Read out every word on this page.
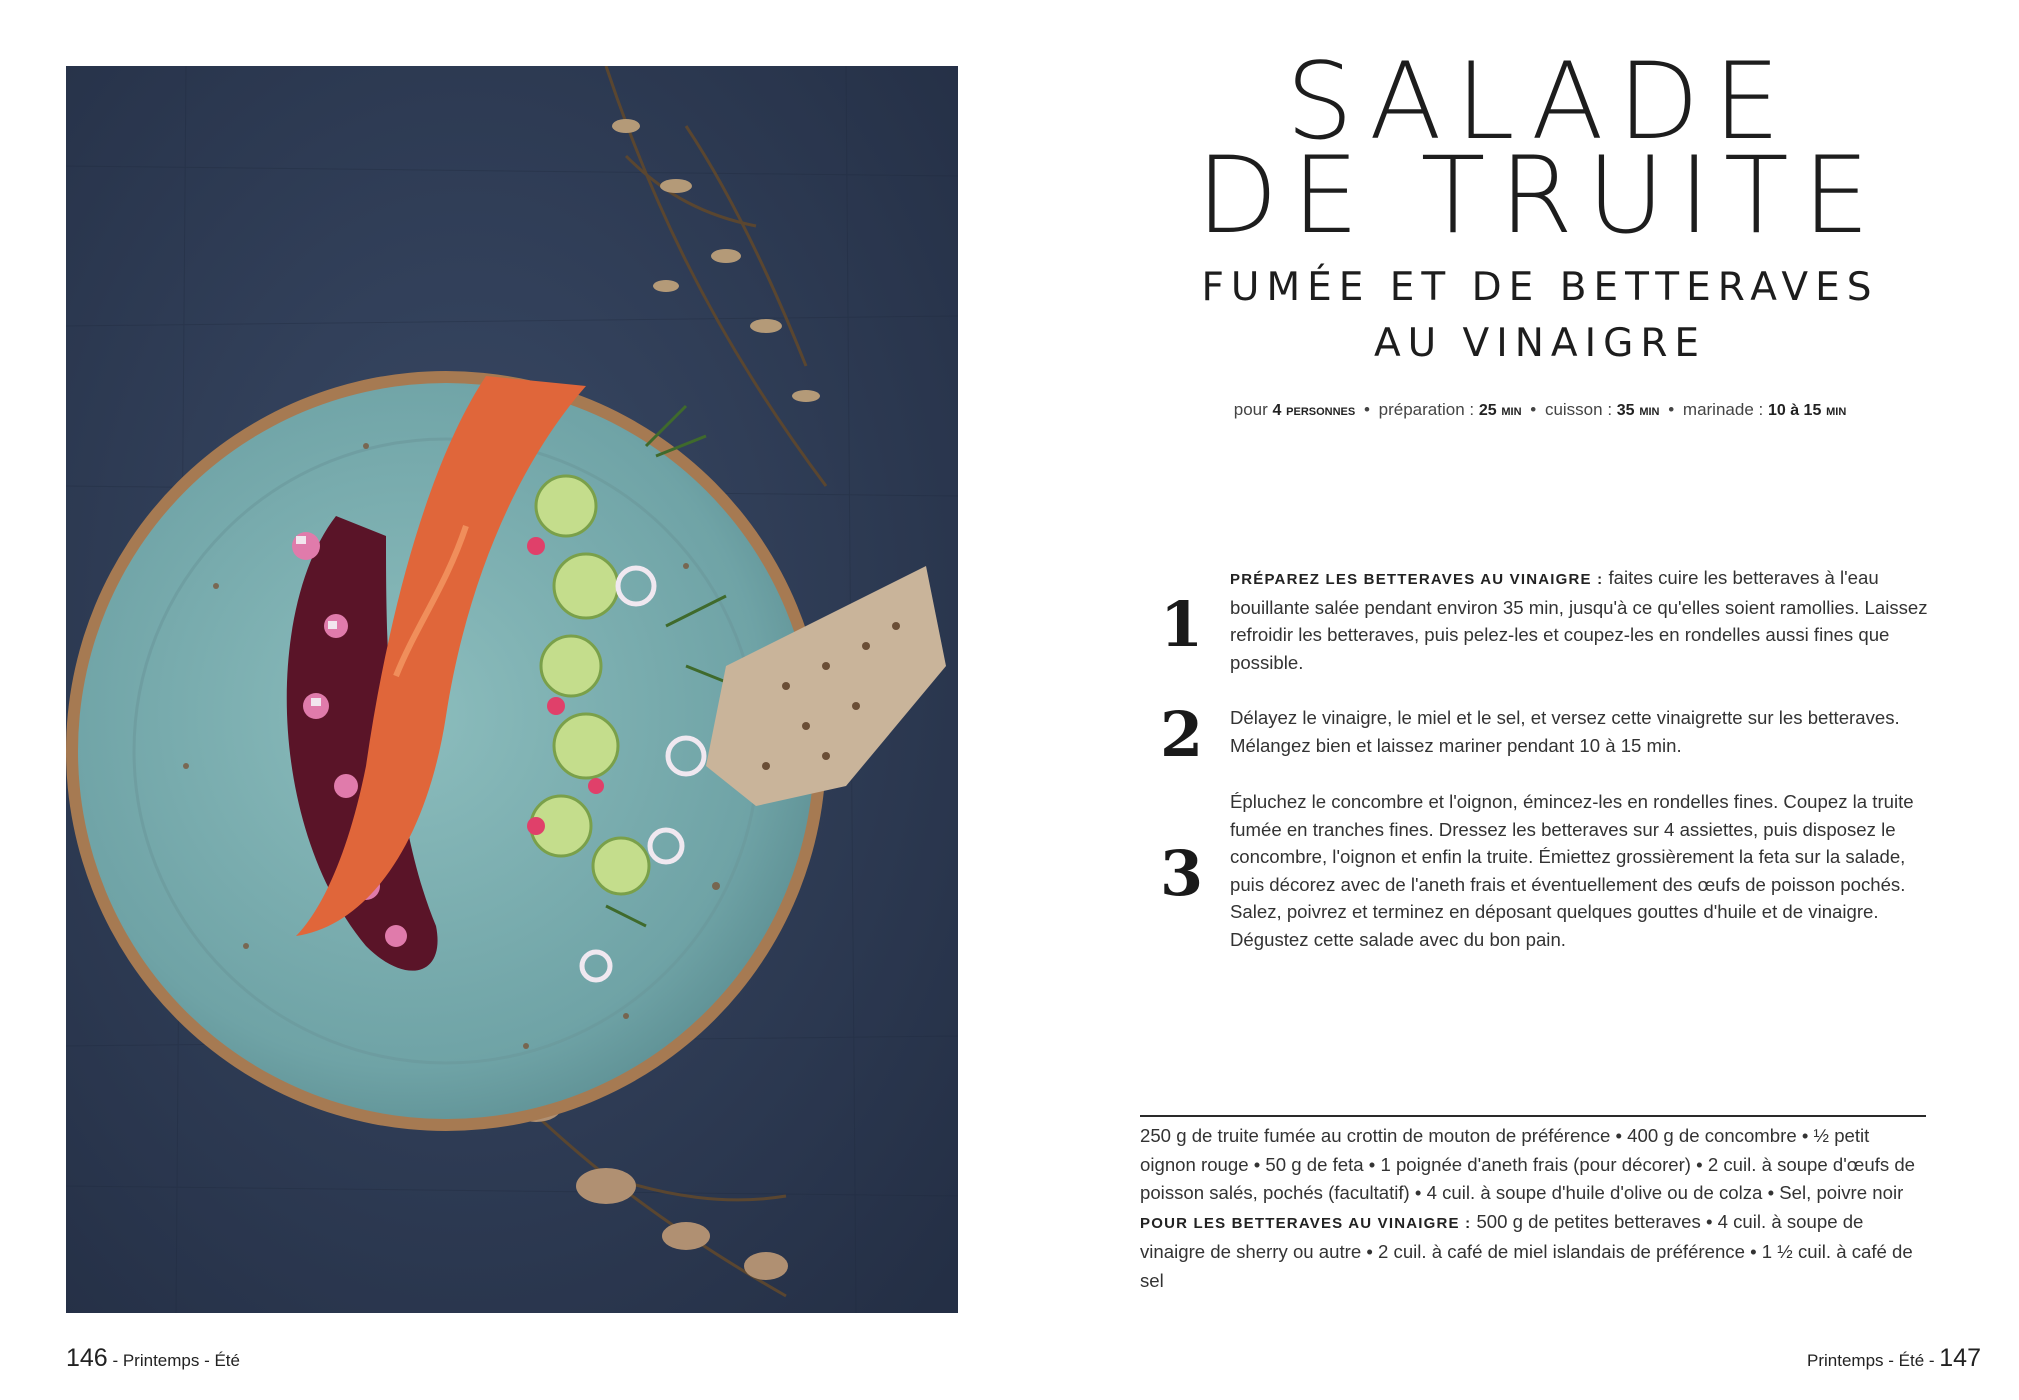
146 - Printemps - Été
SALADE
DE TRUITE
FUMÉE ET DE BETTERAVES
AU VINAIGRE
pour 4 personnes • préparation : 25 min • cuisson : 35 min • marinade : 10 à 15 min
1
PRÉPAREZ LES BETTERAVES AU VINAIGRE : faites cuire les betteraves à l'eau bouillante salée pendant environ 35 min, jusqu'à ce qu'elles soient ramollies. Laissez refroidir les betteraves, puis pelez-les et coupez-les en rondelles aussi fines que possible.
2 Délayez le vinaigre, le miel et le sel, et versez cette vinaigrette sur les betteraves. Mélangez bien et laissez mariner pendant 10 à 15 min.
3
Épluchez le concombre et l'oignon, émincez-les en rondelles fines. Coupez la truite fumée en tranches fines. Dressez les betteraves sur 4 assiettes, puis disposez le concombre, l'oignon et enfin la truite. Émiettez grossièrement la feta sur la salade, puis décorez avec de l'aneth frais et éventuellement des œufs de poisson pochés. Salez, poivrez et terminez en déposant quelques gouttes d'huile et de vinaigre. Dégustez cette salade avec du bon pain.
250 g de truite fumée au crottin de mouton de préférence • 400 g de concombre • ½ petit oignon rouge • 50 g de feta • 1 poignée d'aneth frais (pour décorer) • 2 cuil. à soupe d'œufs de poisson salés, pochés (facultatif) • 4 cuil. à soupe d'huile d'olive ou de colza • Sel, poivre noir
POUR LES BETTERAVES AU VINAIGRE : 500 g de petites betteraves • 4 cuil. à soupe de vinaigre de sherry ou autre • 2 cuil. à café de miel islandais de préférence • 1 ½ cuil. à café de sel
Printemps - Été - 147
